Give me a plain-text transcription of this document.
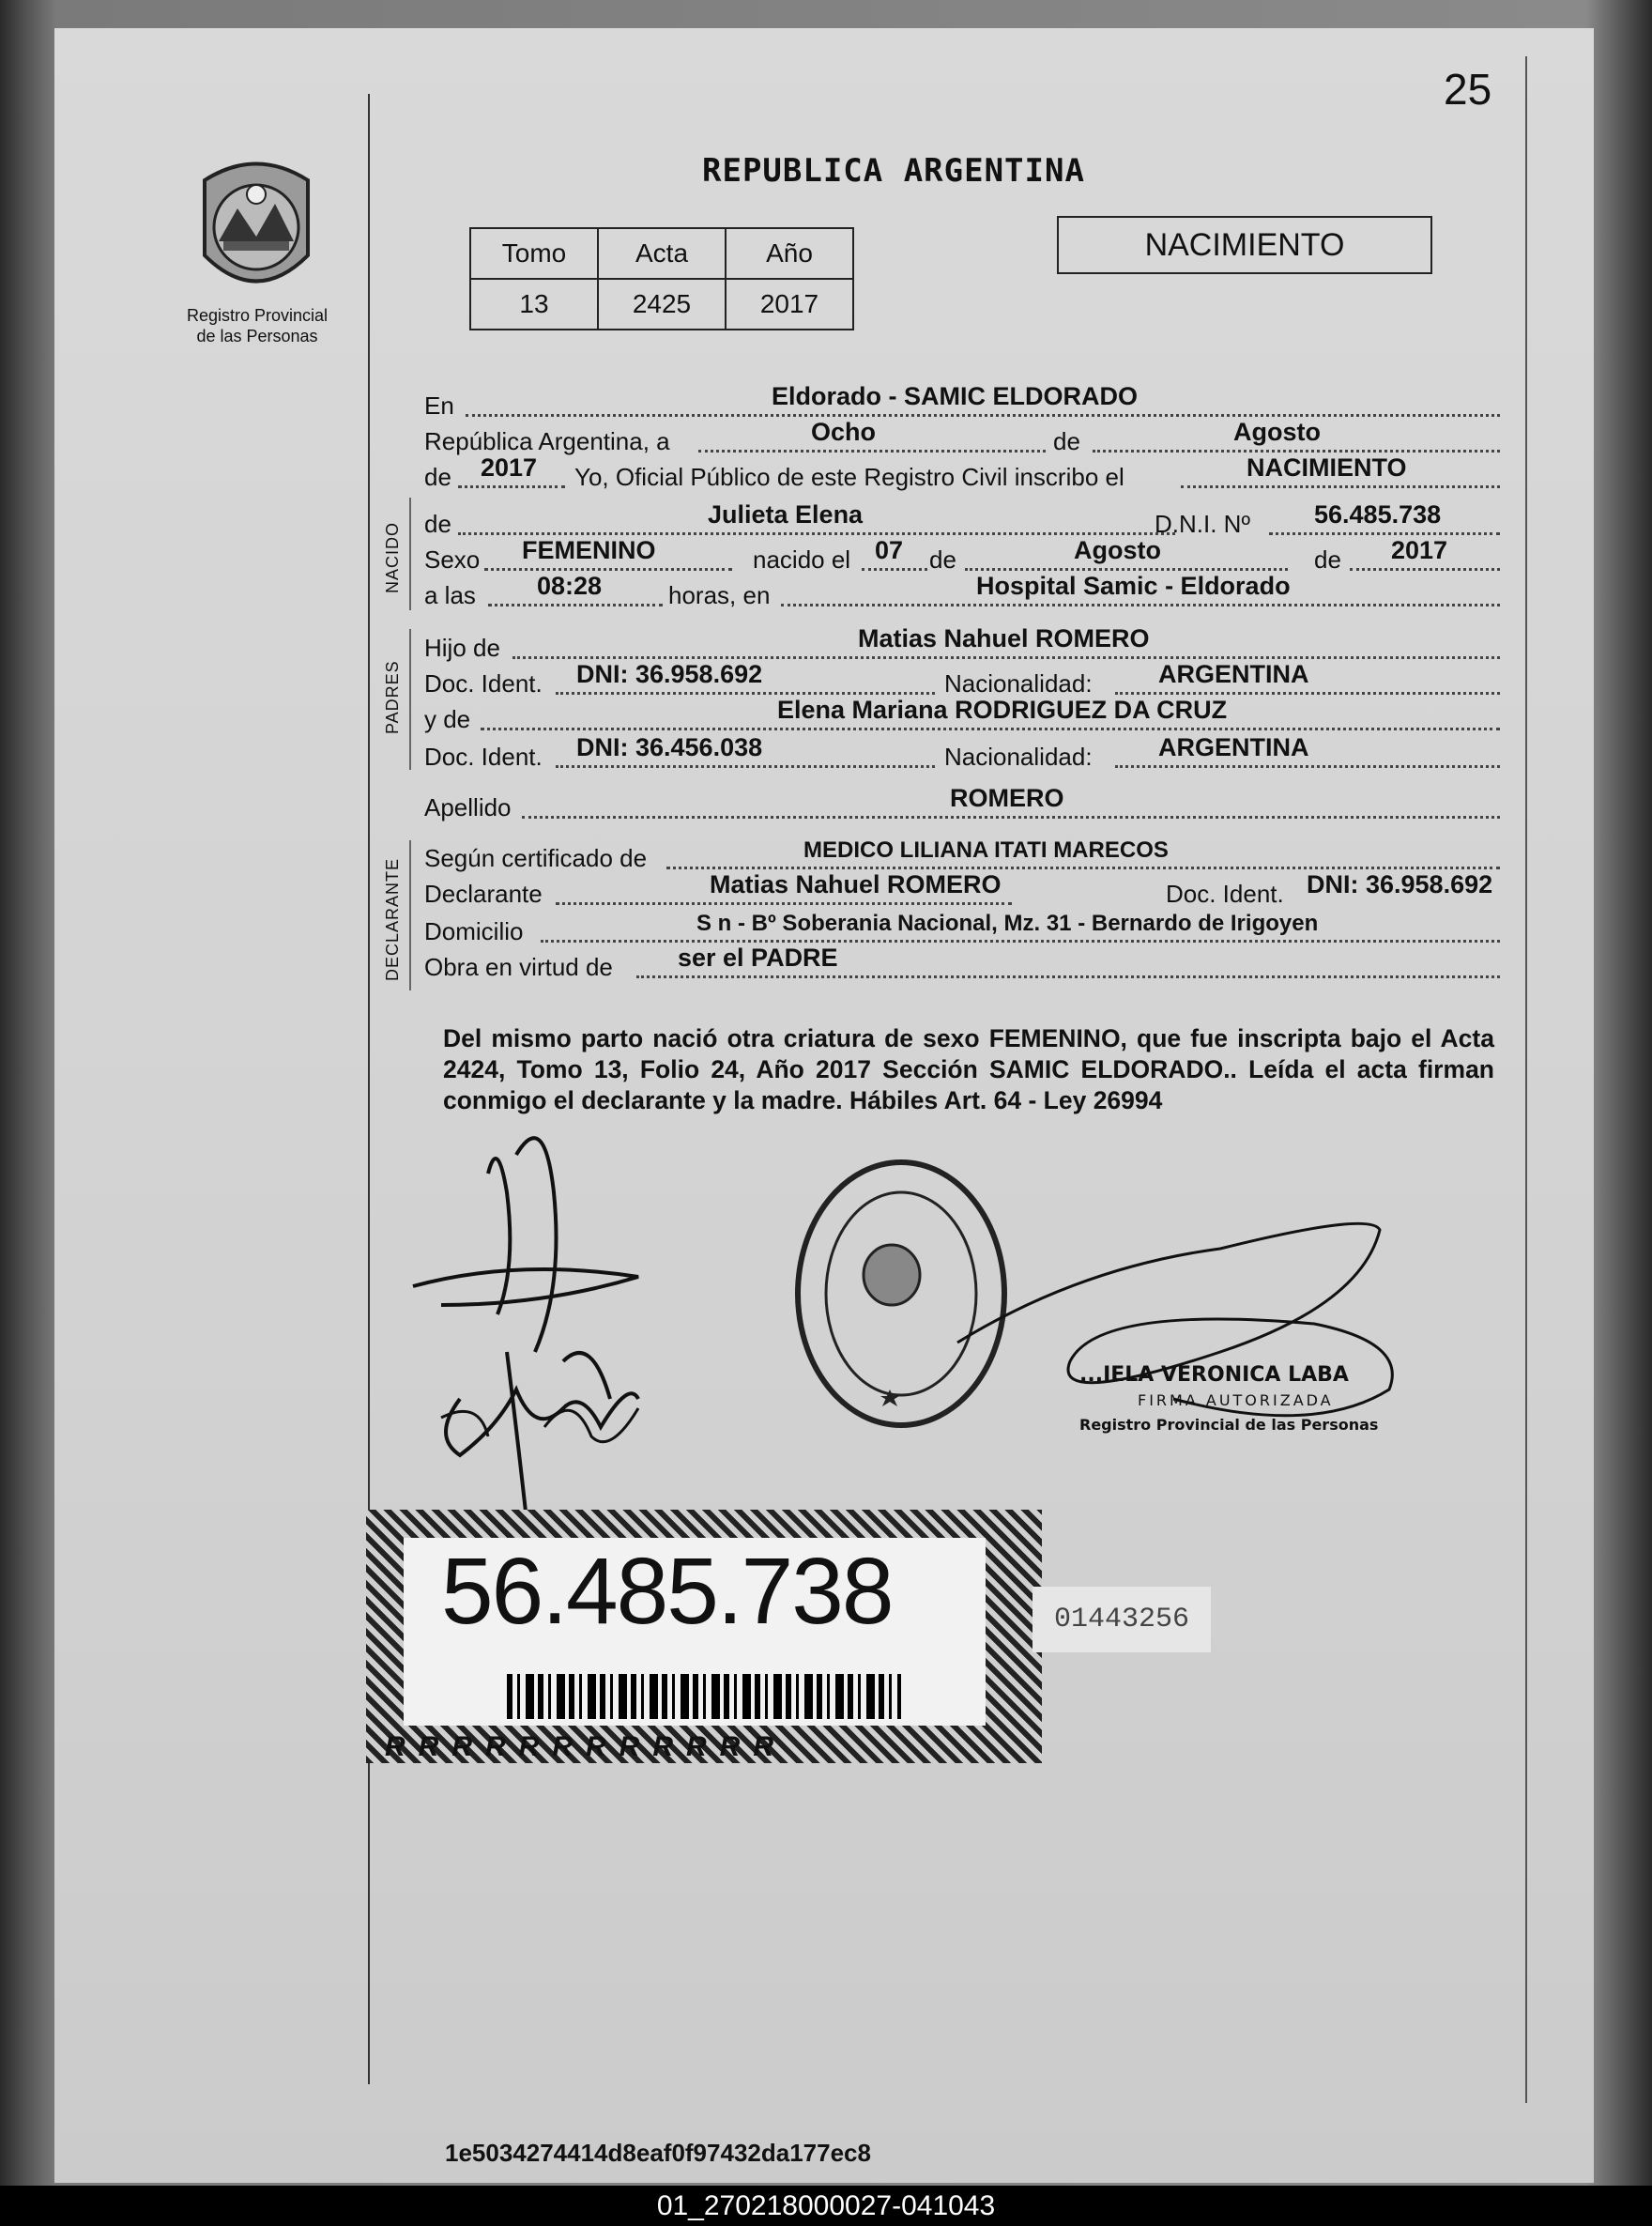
25
Registro Provincial
de las Personas
REPUBLICA ARGENTINA
Tomo	Acta	Año
13	2425	2017
NACIMIENTO
NACIDO
PADRES
DECLARANTE
En	Eldorado - SAMIC ELDORADO
República Argentina, a	Ocho	de	Agosto
de 2017 Yo, Oficial Público de este Registro Civil inscribo el	NACIMIENTO
de	Julieta Elena	D.N.I. Nº	56.485.738
Sexo FEMENINO	nacido el 07 de	Agosto	de 2017
a las 08:28	horas, en	Hospital Samic - Eldorado
Hijo de	Matias Nahuel ROMERO
Doc. Ident. DNI: 36.958.692	Nacionalidad:	ARGENTINA
y de	Elena Mariana RODRIGUEZ DA CRUZ
Doc. Ident. DNI: 36.456.038	Nacionalidad:	ARGENTINA
Apellido	ROMERO
Según certificado de	MEDICO LILIANA ITATI MARECOS
Declarante	Matias Nahuel ROMERO	Doc. Ident. DNI: 36.958.692
Domicilio	S n - Bº Soberania Nacional, Mz. 31 - Bernardo de Irigoyen
Obra en virtud de	ser el PADRE
Del mismo parto nació otra criatura de sexo FEMENINO, que fue inscripta bajo el Acta 2424, Tomo 13, Folio 24, Año 2017 Sección SAMIC ELDORADO.. Leída el acta firman conmigo el declarante y la madre. Hábiles Art. 64 - Ley 26994
...IELA VERONICA LABA
FIRMA AUTORIZADA
Registro Provincial de las Personas
56.485.738
RRRRRRRRRRRR
01443256
1e5034274414d8eaf0f97432da177ec8
01_270218000027-041043
